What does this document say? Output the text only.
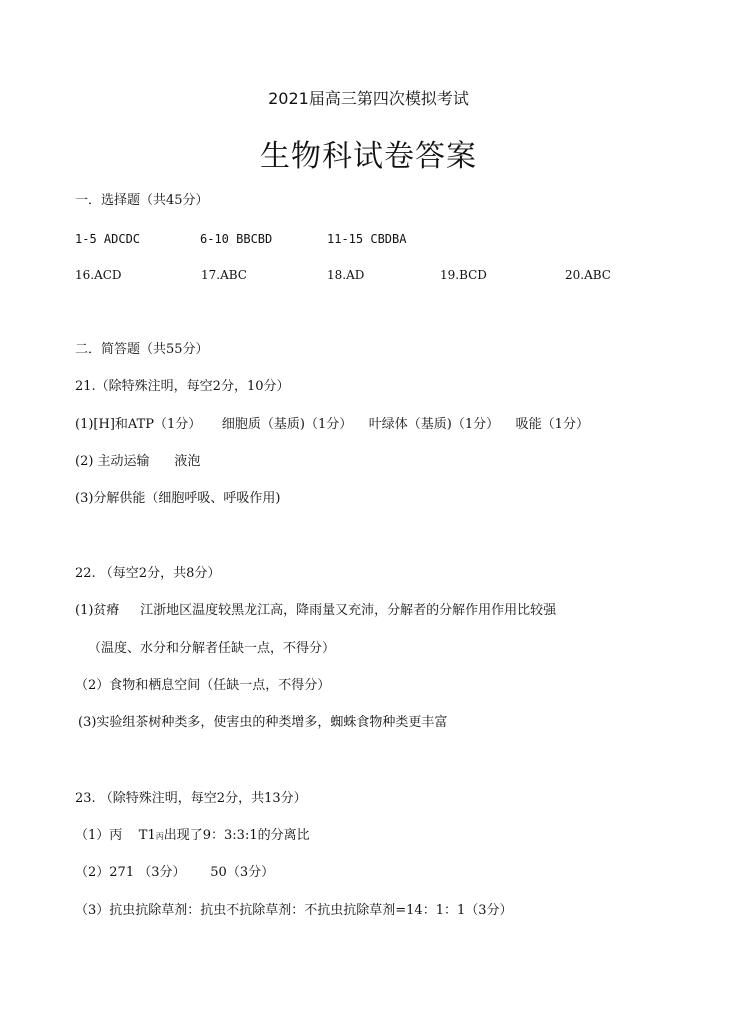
2021届高三第四次模拟考试
生物科试卷答案
一．选择题（共45分）
1-5 ADCDC	6-10 BBCBD	11-15 CBDBA
16.ACD	17.ABC	18.AD	19.BCD	20.ABC
二．简答题（共55分）
21.（除特殊注明，每空2分，10分）
(1)[H]和ATP（1分）     细胞质（基质)（1分）    叶绿体（基质)（1分）    吸能（1分）
(2) 主动运输      液泡
(3)分解供能（细胞呼吸、呼吸作用)
22. （每空2分，共8分）
(1)贫瘠     江浙地区温度较黑龙江高，降雨量又充沛，分解者的分解作用作用比较强
（温度、水分和分解者任缺一点，不得分）
（2）食物和栖息空间（任缺一点，不得分）
(3)实验组茶树种类多，使害虫的种类增多，蜘蛛食物种类更丰富
23. （除特殊注明，每空2分，共13分）
（1）丙    T1丙出现了9：3:3:1的分离比
（2）271 （3分）      50（3分）
（3）抗虫抗除草剂：抗虫不抗除草剂：不抗虫抗除草剂=14：1：1（3分）
